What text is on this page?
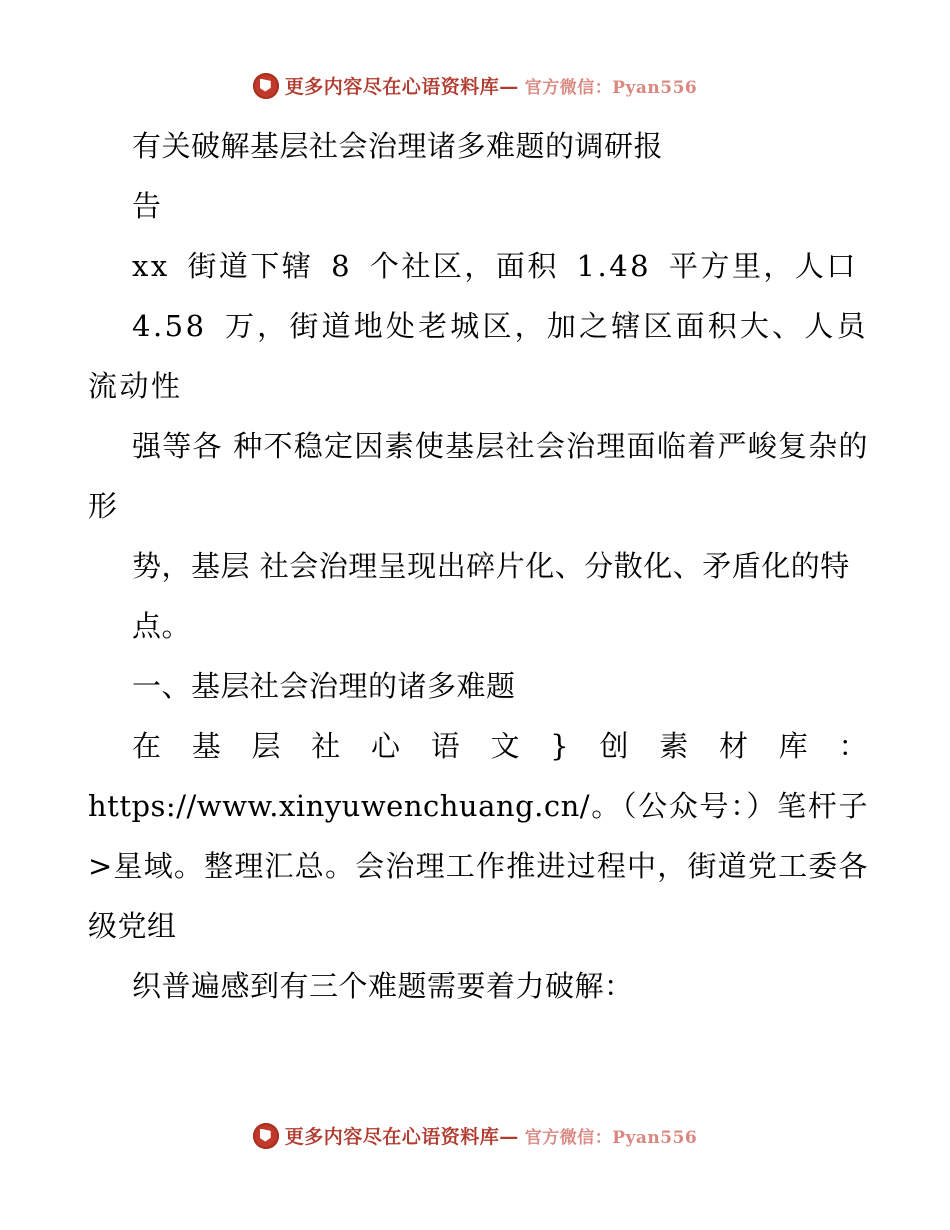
更多内容尽在心语资料库— 官方微信：Pyan556

有关破解基层社会治理诸多难题的调研报

告

xx 街道下辖 8 个社区，面积 1.48 平方里，人口

4.58 万，街道地处老城区，加之辖区面积大、人员流动性

强等各 种不稳定因素使基层社会治理面临着严峻复杂的形

势，基层 社会治理呈现出碎片化、分散化、矛盾化的特

点。

一、基层社会治理的诸多难题

在基层社心语文}创素材库：https://www.xinyuwenchuang.cn/。（公众号：）笔杆子>星域。整理汇总。会治理工作推进过程中，街道党工委各级党组

织普遍感到有三个难题需要着力破解：

更多内容尽在心语资料库— 官方微信：Pyan556
